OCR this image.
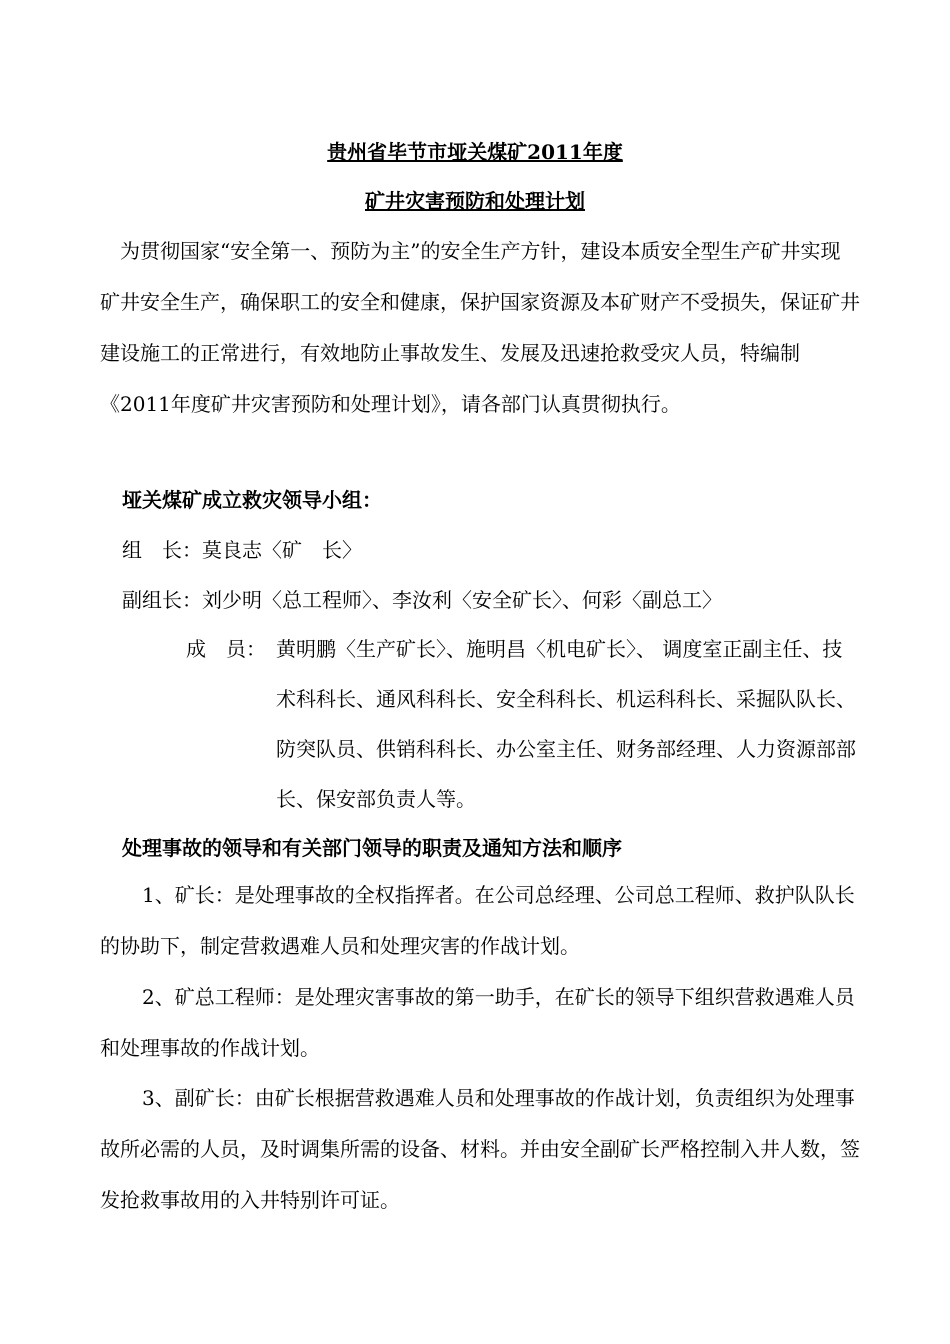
贵州省毕节市垭关煤矿2011年度
矿井灾害预防和处理计划

为贯彻国家“安全第一、预防为主”的安全生产方针，建设本质安全型生产矿井实现矿井安全生产，确保职工的安全和健康，保护国家资源及本矿财产不受损失，保证矿井建设施工的正常进行，有效地防止事故发生、发展及迅速抢救受灾人员，特编制《2011年度矿井灾害预防和处理计划》，请各部门认真贯彻执行。

垭关煤矿成立救灾领导小组：
组　长：莫良志〈矿　长〉
副组长：刘少明〈总工程师〉、李汝利〈安全矿长〉、何彩〈副总工〉
成　员： 黄明鹏〈生产矿长〉、施明昌〈机电矿长〉、 调度室正副主任、技术科科长、通风科科长、安全科科长、机运科科长、采掘队队长、防突队员、供销科科长、办公室主任、财务部经理、人力资源部部长、保安部负责人等。

处理事故的领导和有关部门领导的职责及通知方法和顺序

1、矿长：是处理事故的全权指挥者。在公司总经理、公司总工程师、救护队队长的协助下，制定营救遇难人员和处理灾害的作战计划。

2、矿总工程师：是处理灾害事故的第一助手，在矿长的领导下组织营救遇难人员和处理事故的作战计划。

3、副矿长：由矿长根据营救遇难人员和处理事故的作战计划，负责组织为处理事故所必需的人员，及时调集所需的设备、材料。并由安全副矿长严格控制入井人数，签发抢救事故用的入井特别许可证。
